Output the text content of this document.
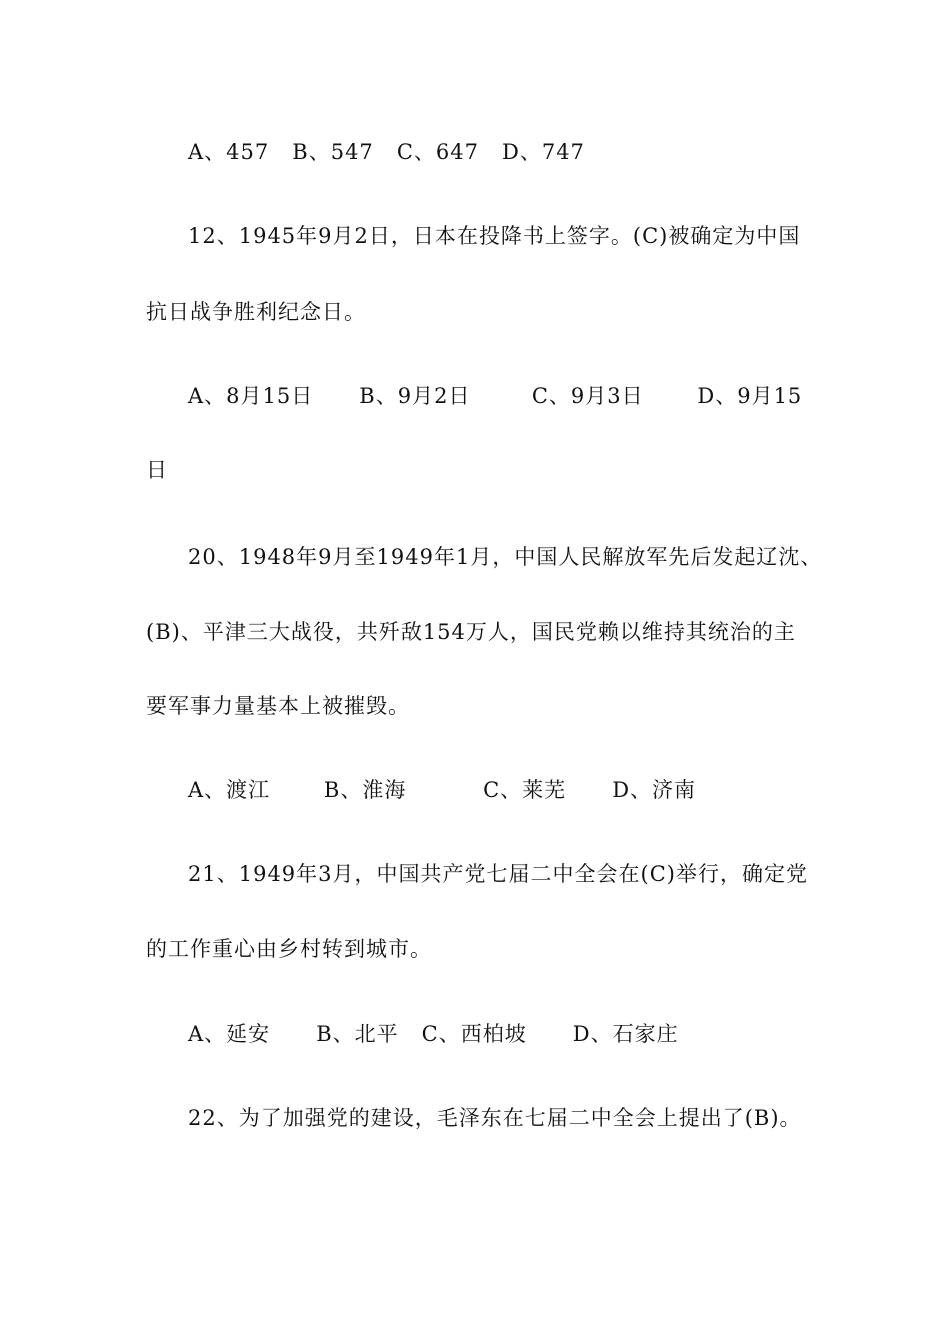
A、457   B、547   C、647   D、747
12、1945年9月2日，日本在投降书上签字。(C)被确定为中国
抗日战争胜利纪念日。
A、8月15日      B、9月2日        C、9月3日       D、9月15
日
20、1948年9月至1949年1月，中国人民解放军先后发起辽沈、
(B)、平津三大战役，共歼敌154万人，国民党赖以维持其统治的主
要军事力量基本上被摧毁。
A、渡江       B、淮海          C、莱芜      D、济南
21、1949年3月，中国共产党七届二中全会在(C)举行，确定党
的工作重心由乡村转到城市。
A、延安      B、北平   C、西柏坡      D、石家庄
22、为了加强党的建设，毛泽东在七届二中全会上提出了(B)。
